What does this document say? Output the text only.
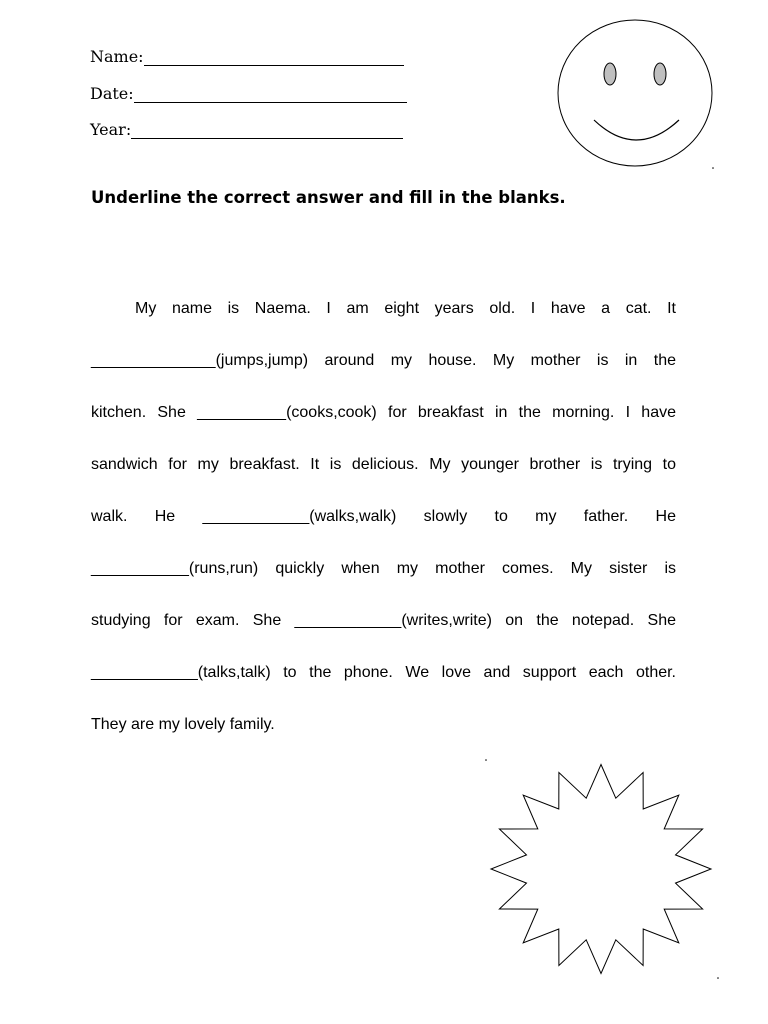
Name:
Date:
Year:
Underline the correct answer and fill in the blanks.
My name is Naema. I am eight years old. I have a cat. It
______________(jumps,jump) around my house. My mother is in the
kitchen. She __________(cooks,cook) for breakfast in the morning. I have
sandwich for my breakfast. It is delicious. My younger brother is trying to
walk. He ____________(walks,walk) slowly to my father. He
___________(runs,run) quickly when my mother comes. My sister is
studying for exam. She ____________(writes,write) on the notepad. She
____________(talks,talk) to the phone. We love and support each other.
They are my lovely family.
